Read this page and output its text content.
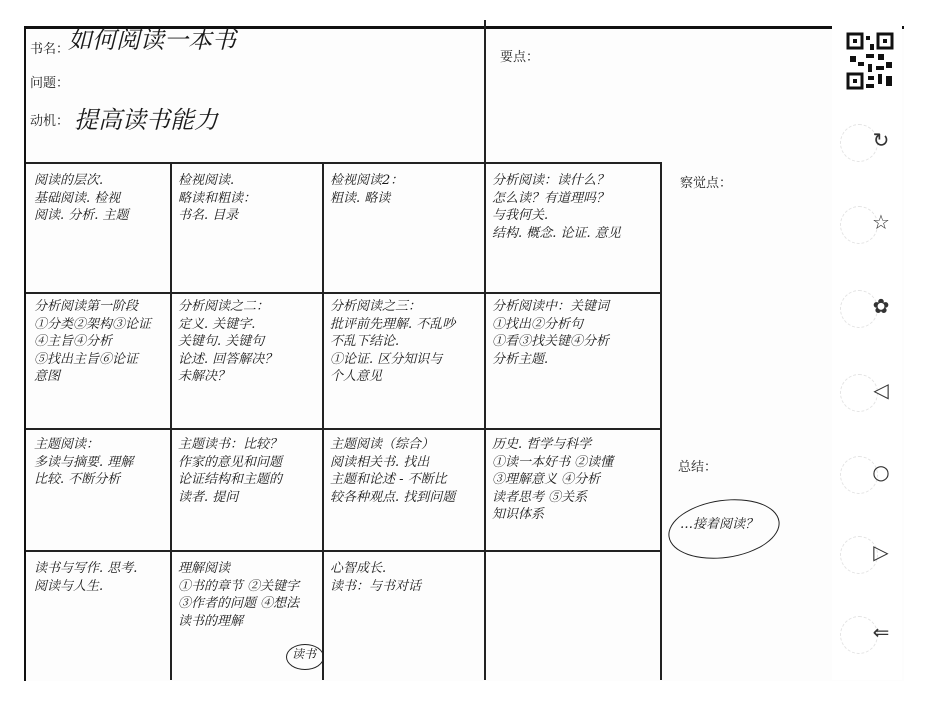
书名：
如何阅读一本书
问题：
动机： 提高读书能力
要点：
察觉点：
总结：
阅读的层次.
基础阅读. 检视
阅读. 分析. 主题
检视阅读.
略读和粗读：
书名. 目录
检视阅读2：
粗读. 略读
分析阅读：读什么？
怎么读？有道理吗？
与我何关.
结构. 概念. 论证. 意见
分析阅读第一阶段
①分类②架构③论证
④主旨④分析
⑤找出主旨⑥论证
意图
分析阅读之二：
定义. 关键字.
关键句. 关键句
论述. 回答解决？
未解决？
分析阅读之三：
批评前先理解. 不乱吵
不乱下结论.
①论证. 区分知识与
个人意见
分析阅读中：关键词
①找出②分析句
①看③找关键④分析
分析主题.
主题阅读：
多读与摘要. 理解
比较. 不断分析
主题读书：比较？
作家的意见和问题
论证结构和主题的
读者. 提问
主题阅读（综合）
阅读相关书. 找出
主题和论述 - 不断比
较各种观点. 找到问题
历史. 哲学与科学
①读一本好书 ②读懂
③理解意义 ④分析
读者思考 ⑤关系
知识体系
读书与写作. 思考.
阅读与人生.
理解阅读
①书的章节 ②关键字
③作者的问题 ④想法
读书的理解
心智成长.
读书：与书对话
读书
…接着阅读？
↻
☆
✿
◁
○
▷
⇐
